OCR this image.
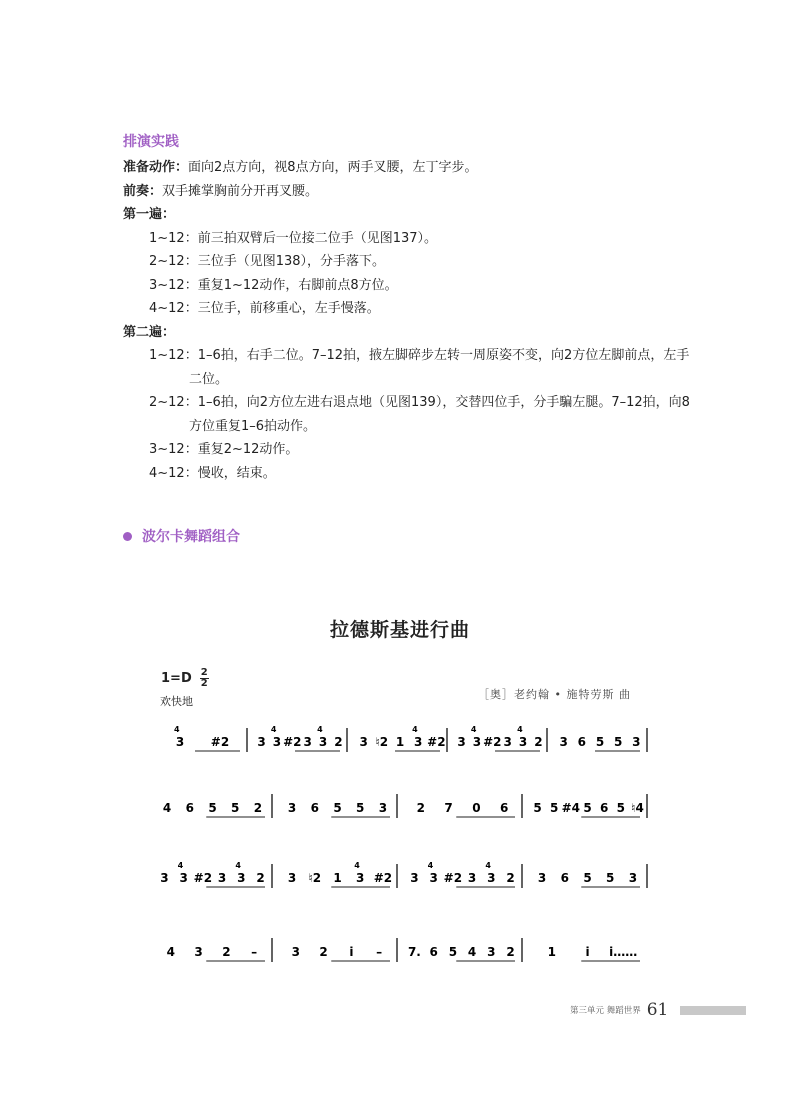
排演实践
准备动作：面向2点方向，视8点方向，两手叉腰，左丁字步。
前奏：双手摊掌胸前分开再叉腰。
第一遍：
1~12：前三拍双臂后一位接二位手（见图137）。
2~12：三位手（见图138），分手落下。
3~12：重复1~12动作，右脚前点8方位。
4~12：三位手，前移重心，左手慢落。
第二遍：
1~12：1–6拍，右手二位。7–12拍，掖左脚碎步左转一周原姿不变，向2方位左脚前点，左手
二位。
2~12：1–6拍，向2方位左进右退点地（见图139），交替四位手，分手騙左腿。7–12拍，向8
方位重复1–6拍动作。
3~12：重复2~12动作。
4~12：慢收，结束。
波尔卡舞蹈组合
拉德斯基进行曲
$1=D \frac{2}{2}$
欢快地
［奥］老约翰 • 施特劳斯 曲
4
3 #2 3
4
3 #2 3
4
3 2 3 ♮2 1
4
3 #2 3
4
3 #2 3
4
3 2 3 6 5 5 3
4 6 5 5 2 3 6 5 5 3 2 7 0 6 5 5 #4 5 6 5 ♮4
3
4
3 #2 3
4
3 2 3 ♮2 1
4
3 #2 3
4
3 #2 3
4
3 2 3 6 5 5 3
4 3 2 –	3 2 i – 7. 6 5 4 3 2	1 i i……
第三单元 舞蹈世界 61
